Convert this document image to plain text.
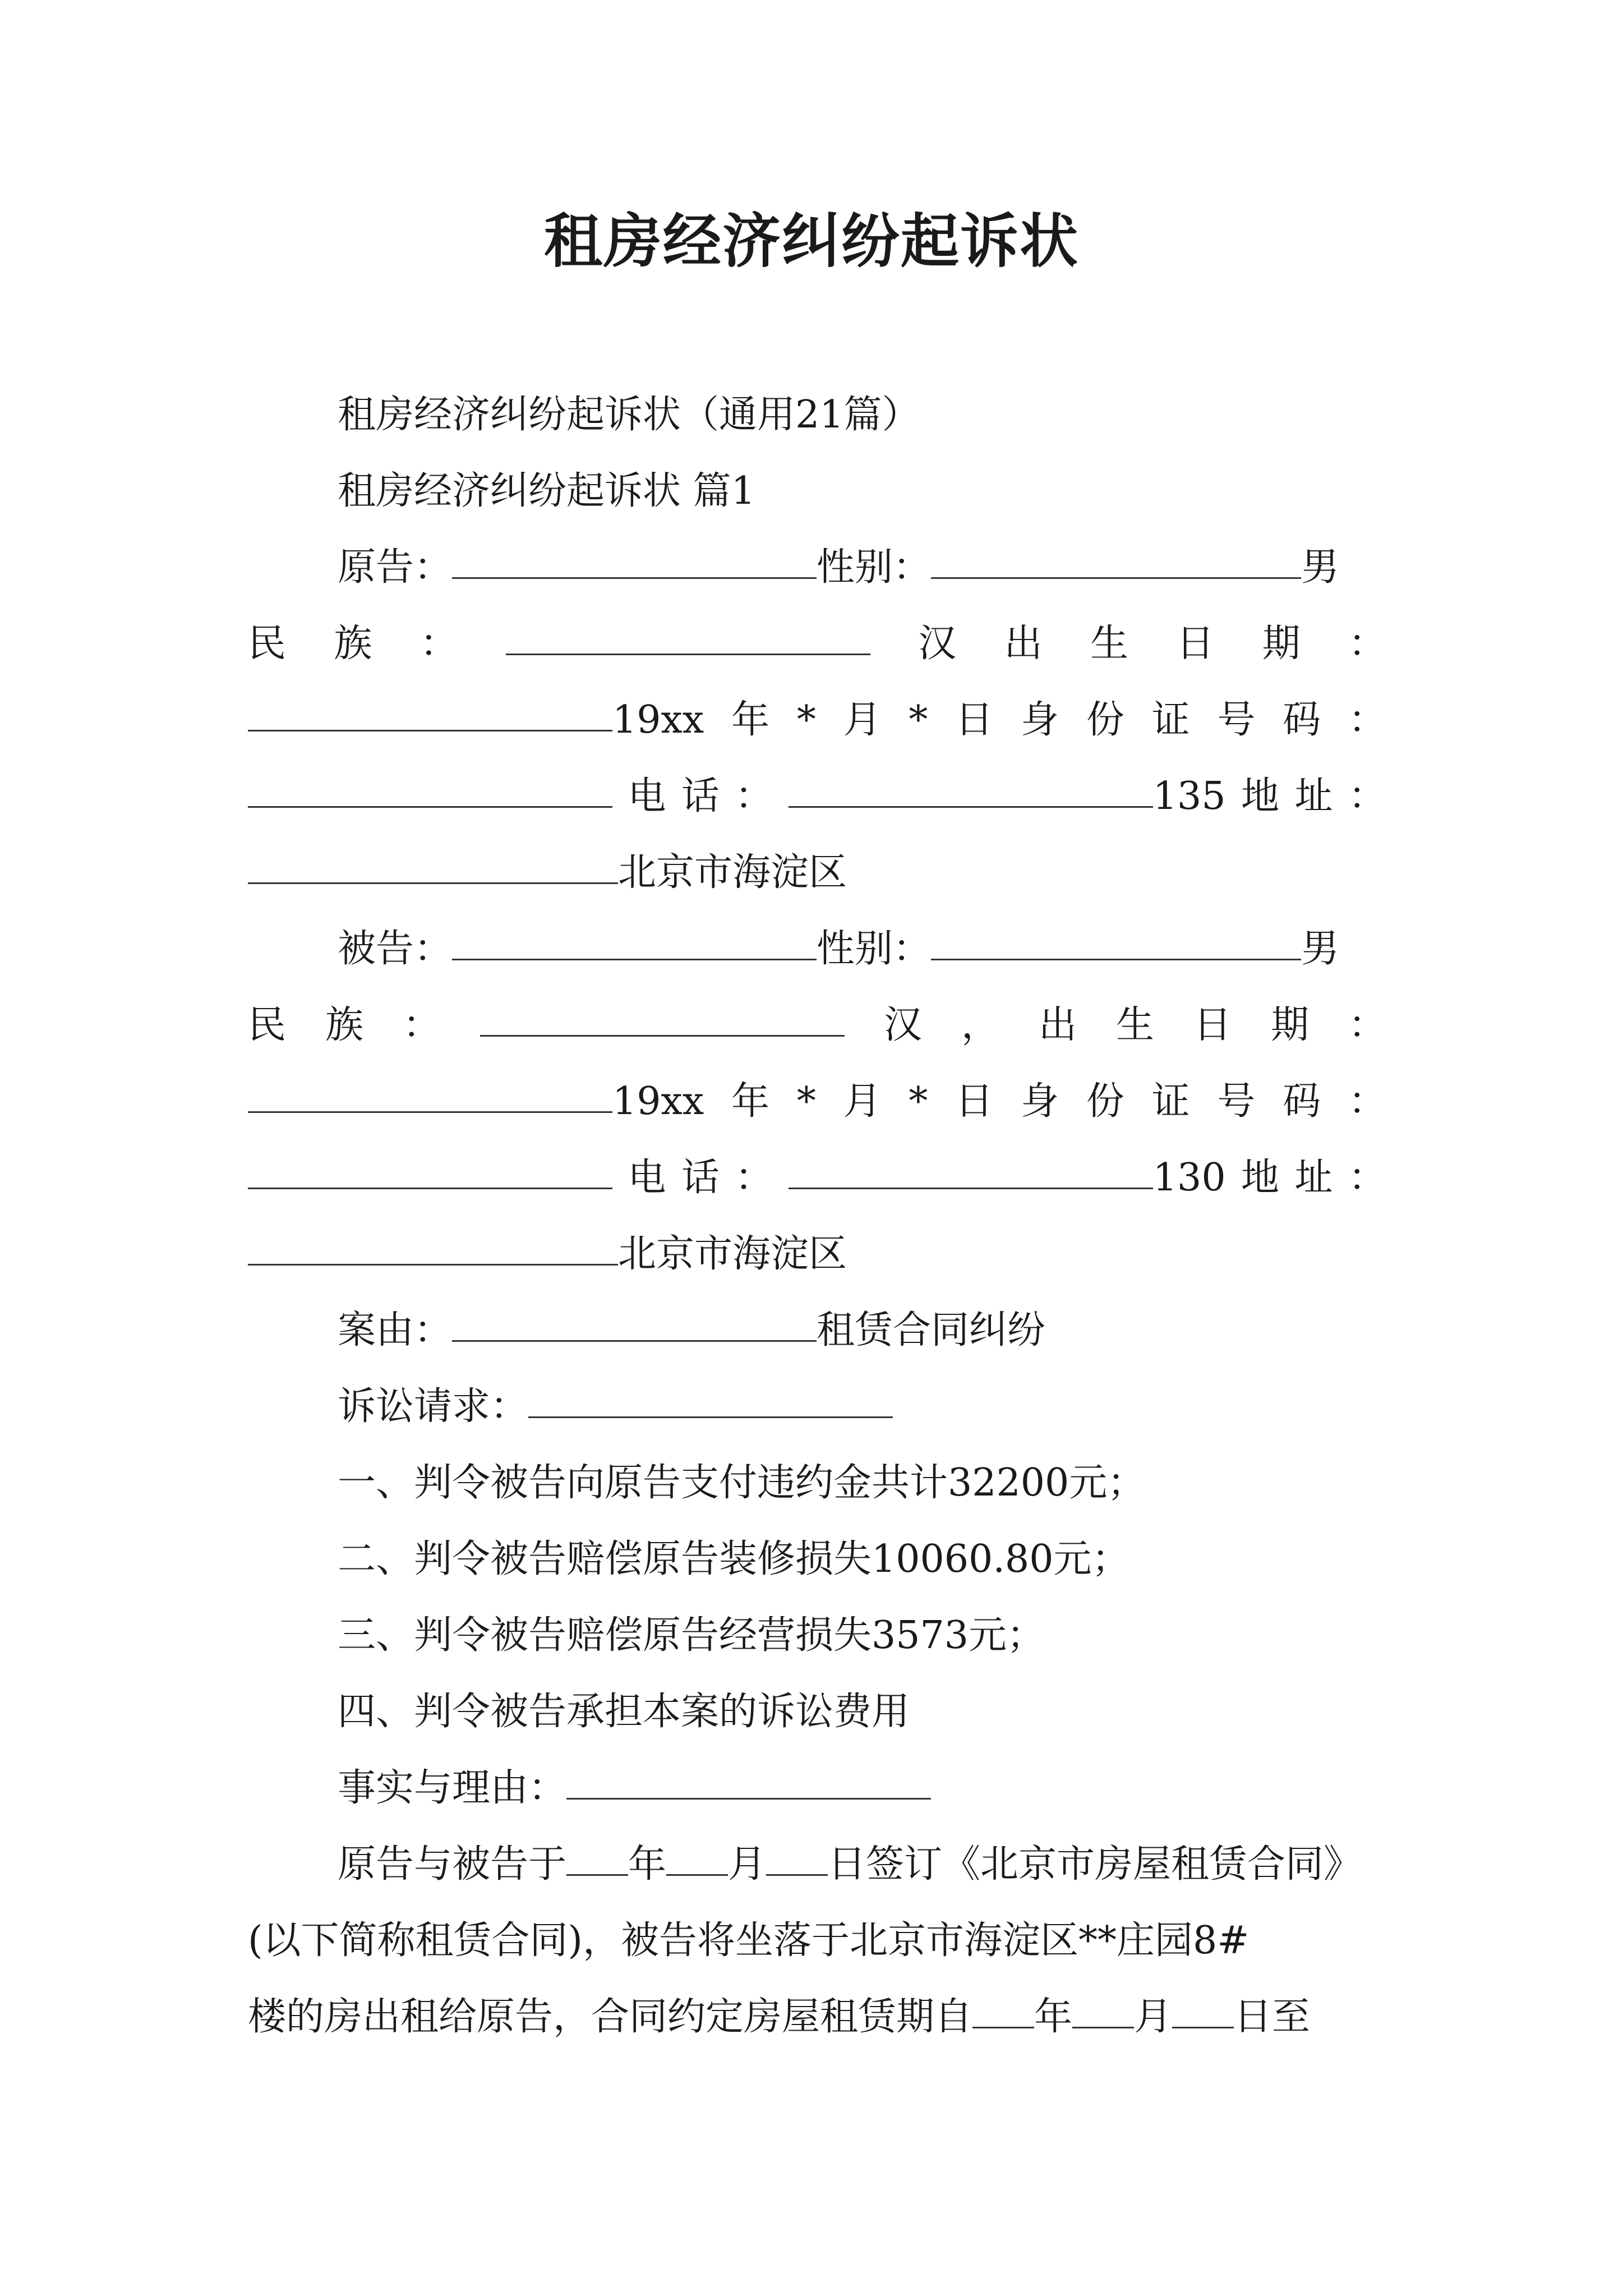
租房经济纠纷起诉状
租房经济纠纷起诉状（通用21篇）
租房经济纠纷起诉状 篇1
原告：	性别：	男
民 族 ：	汉 出 生 日 期 ：
19xx 年 * 月 * 日 身 份 证 号 码 ：
电 话 ：	135 地 址 ：
北京市海淀区
被告：	性别：	男
民 族 ：	汉 ， 出 生 日 期 ：
19xx 年 * 月 * 日 身 份 证 号 码 ：
电 话 ：	130 地 址 ：
北京市海淀区
案由：	租赁合同纠纷
诉讼请求：
一、判令被告向原告支付违约金共计32200元；
二、判令被告赔偿原告装修损失10060.80元；
三、判令被告赔偿原告经营损失3573元；
四、判令被告承担本案的诉讼费用
事实与理由：
原告与被告于 年 月 日签订《北京市房屋租赁合同》
(以下简称租赁合同)，被告将坐落于北京市海淀区**庄园8#
楼的房出租给原告，合同约定房屋租赁期自 年 月 日至
